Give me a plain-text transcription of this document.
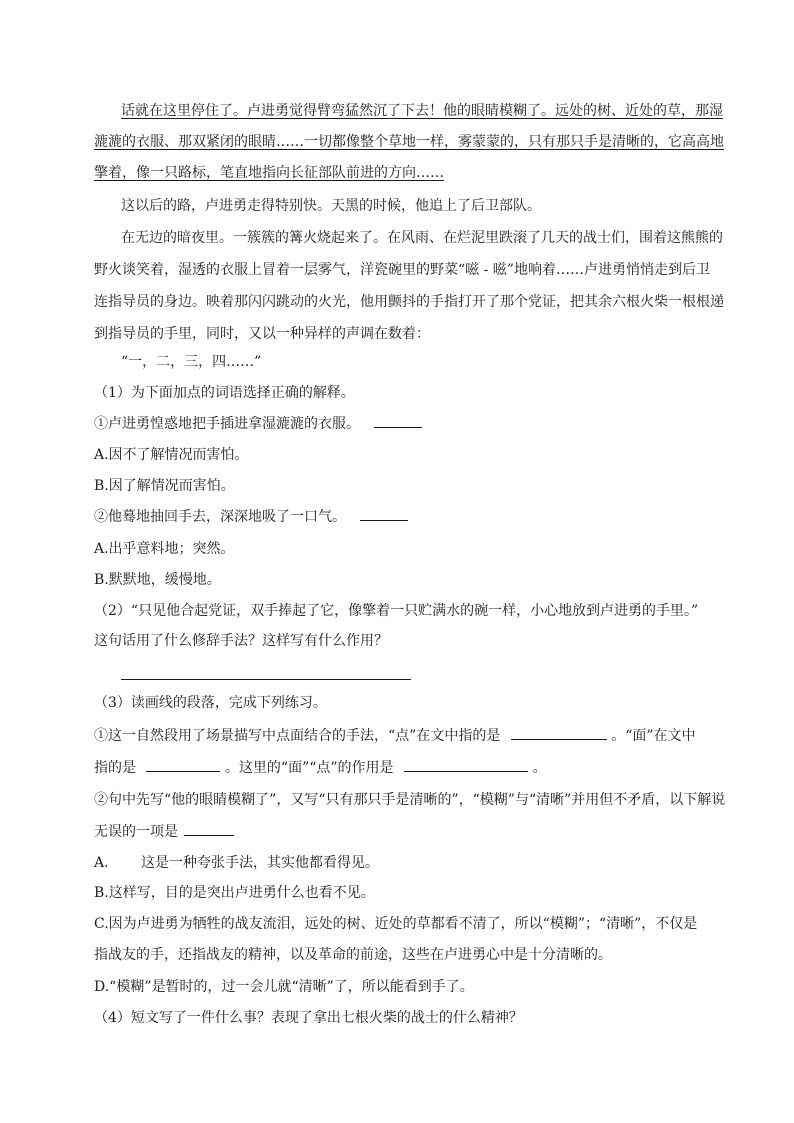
话就在这里停住了。卢进勇觉得臂弯猛然沉了下去！他的眼睛模糊了。远处的树、近处的草，那湿
漉漉的衣服、那双紧闭的眼睛……一切都像整个草地一样，雾蒙蒙的，只有那只手是清晰的，它高高地
擎着，像一只路标，笔直地指向长征部队前进的方向……
这以后的路，卢进勇走得特别快。天黑的时候，他追上了后卫部队。
在无边的暗夜里。一簇簇的篝火烧起来了。在风雨、在烂泥里跌滚了几天的战士们，围着这熊熊的
野火谈笑着，湿透的衣服上冒着一层雾气，洋瓷碗里的野菜“嗞 - 嗞”地响着……卢进勇悄悄走到后卫
连指导员的身边。映着那闪闪跳动的火光，他用颤抖的手指打开了那个党证，把其余六根火柴一根根递
到指导员的手里，同时，又以一种异样的声调在数着：
“一，二，三，四……”
（1）为下面加点的词语选择正确的解释。
①卢进勇惶惑地把手插进拿湿漉漉的衣服。
A.因不了解情况而害怕。
B.因了解情况而害怕。
②他蓦地抽回手去，深深地吸了一口气。
A.出乎意料地；突然。
B.默默地，缓慢地。
（2）“只见他合起党证，双手捧起了它，像擎着一只贮满水的碗一样，小心地放到卢进勇的手里。”
这句话用了什么修辞手法？这样写有什么作用？
（3）读画线的段落，完成下列练习。
①这一自然段用了场景描写中点面结合的手法，“点”在文中指的是	。“面”在文中
指的是	。这里的“面”“点”的作用是	。
②句中先写“他的眼睛模糊了”，又写“只有那只手是清晰的”，“模糊”与“清晰”并用但不矛盾，以下解说
无误的一项是
A. 这是一种夸张手法，其实他都看得见。
B.这样写，目的是突出卢进勇什么也看不见。
C.因为卢进勇为牺牲的战友流泪，远处的树、近处的草都看不清了，所以“模糊”；“清晰”，不仅是
指战友的手，还指战友的精神，以及革命的前途，这些在卢进勇心中是十分清晰的。
D.“模糊”是暂时的，过一会儿就“清晰”了，所以能看到手了。
（4）短文写了一件什么事？表现了拿出七根火柴的战士的什么精神？
